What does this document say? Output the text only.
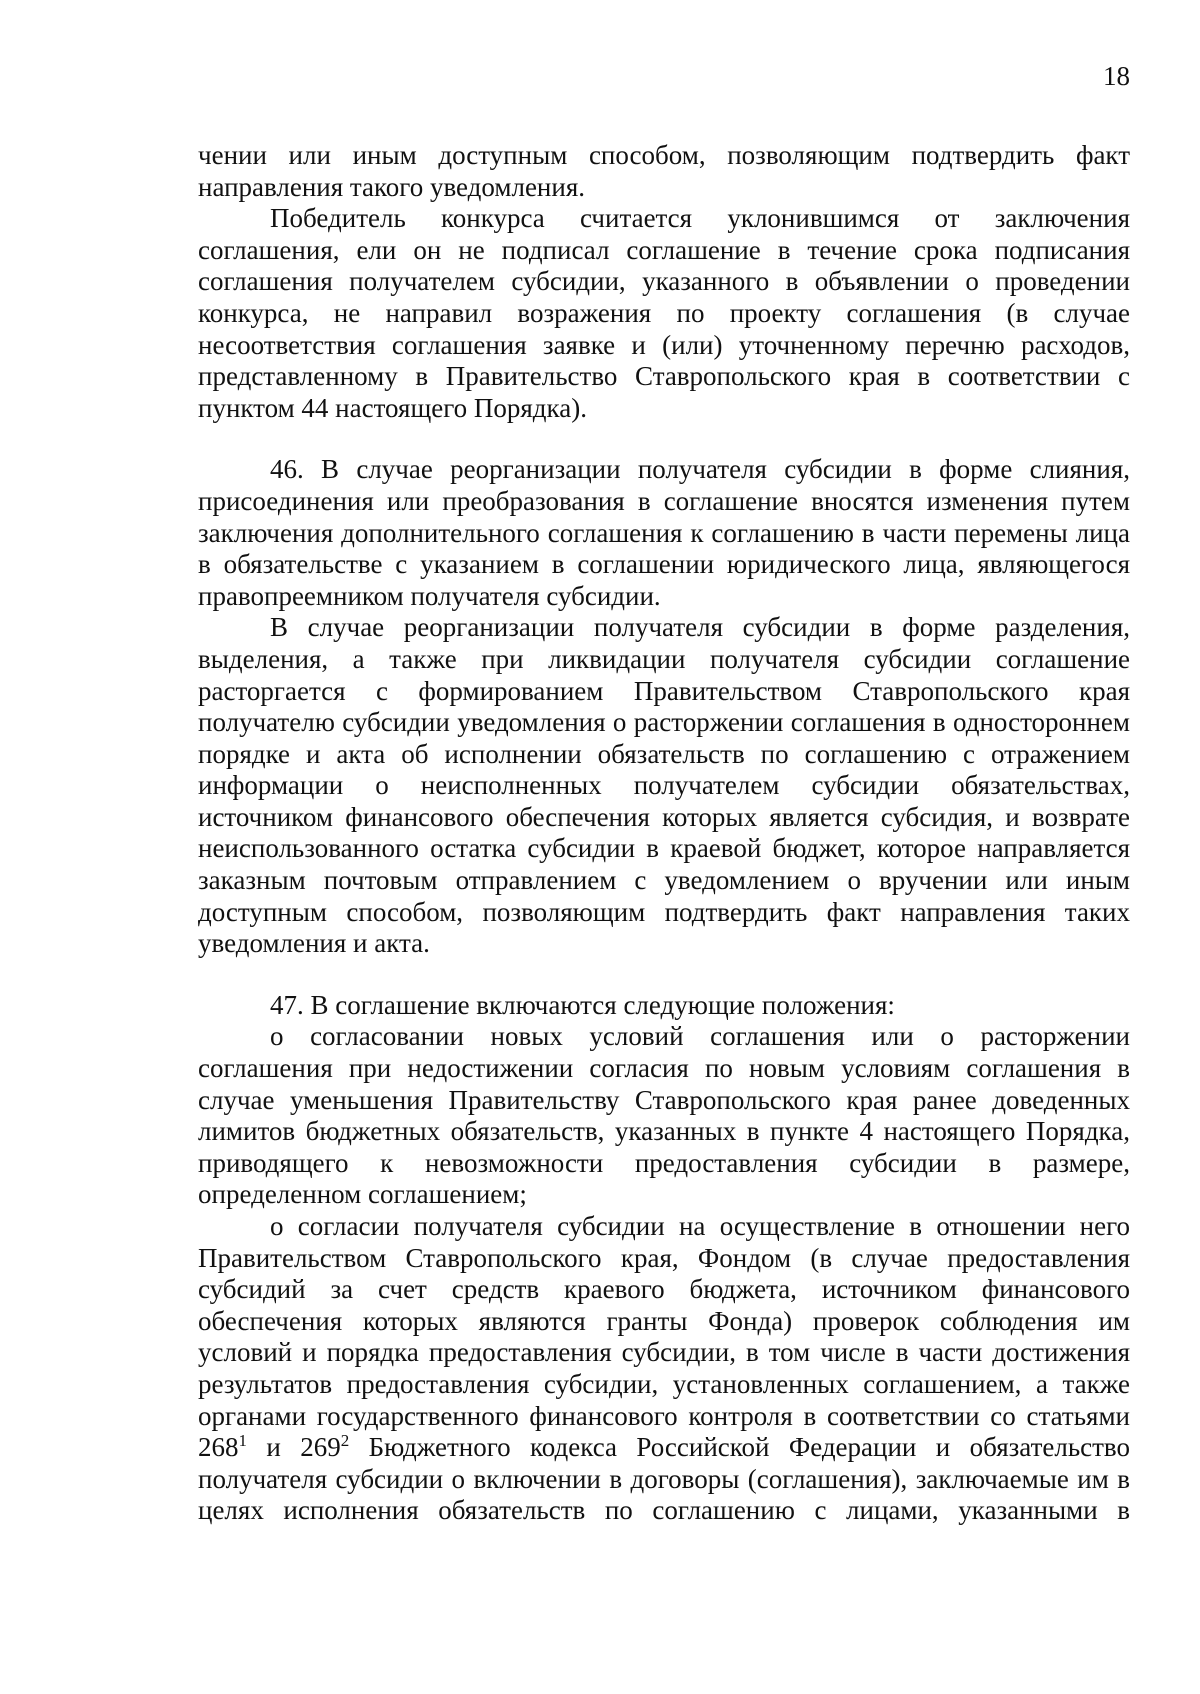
18

чении или иным доступным способом, позволяющим подтвердить факт направления такого уведомления.

Победитель конкурса считается уклонившимся от заключения соглашения, ели он не подписал соглашение в течение срока подписания соглашения получателем субсидии, указанного в объявлении о проведении конкурса, не направил возражения по проекту соглашения (в случае несоответствия соглашения заявке и (или) уточненному перечню расходов, представленному в Правительство Ставропольского края в соответствии с пунктом 44 настоящего Порядка).

46. В случае реорганизации получателя субсидии в форме слияния, присоединения или преобразования в соглашение вносятся изменения путем заключения дополнительного соглашения к соглашению в части перемены лица в обязательстве с указанием в соглашении юридического лица, являющегося правопреемником получателя субсидии.

В случае реорганизации получателя субсидии в форме разделения, выделения, а также при ликвидации получателя субсидии соглашение расторгается с формированием Правительством Ставропольского края получателю субсидии уведомления о расторжении соглашения в одностороннем порядке и акта об исполнении обязательств по соглашению с отражением информации о неисполненных получателем субсидии обязательствах, источником финансового обеспечения которых является субсидия, и возврате неиспользованного остатка субсидии в краевой бюджет, которое направляется заказным почтовым отправлением с уведомлением о вручении или иным доступным способом, позволяющим подтвердить факт направления таких уведомления и акта.

47. В соглашение включаются следующие положения:

о согласовании новых условий соглашения или о расторжении соглашения при недостижении согласия по новым условиям соглашения в случае уменьшения Правительству Ставропольского края ранее доведенных лимитов бюджетных обязательств, указанных в пункте 4 настоящего Порядка, приводящего к невозможности предоставления субсидии в размере, определенном соглашением;

о согласии получателя субсидии на осуществление в отношении него Правительством Ставропольского края, Фондом (в случае предоставления субсидий за счет средств краевого бюджета, источником финансового обеспечения которых являются гранты Фонда) проверок соблюдения им условий и порядка предоставления субсидии, в том числе в части достижения результатов предоставления субсидии, установленных соглашением, а также органами государственного финансового контроля в соответствии со статьями $268^1$ и $269^2$ Бюджетного кодекса Российской Федерации и обязательство получателя субсидии о включении в договоры (соглашения), заключаемые им в целях исполнения обязательств по соглашению с лицами, указанными в
